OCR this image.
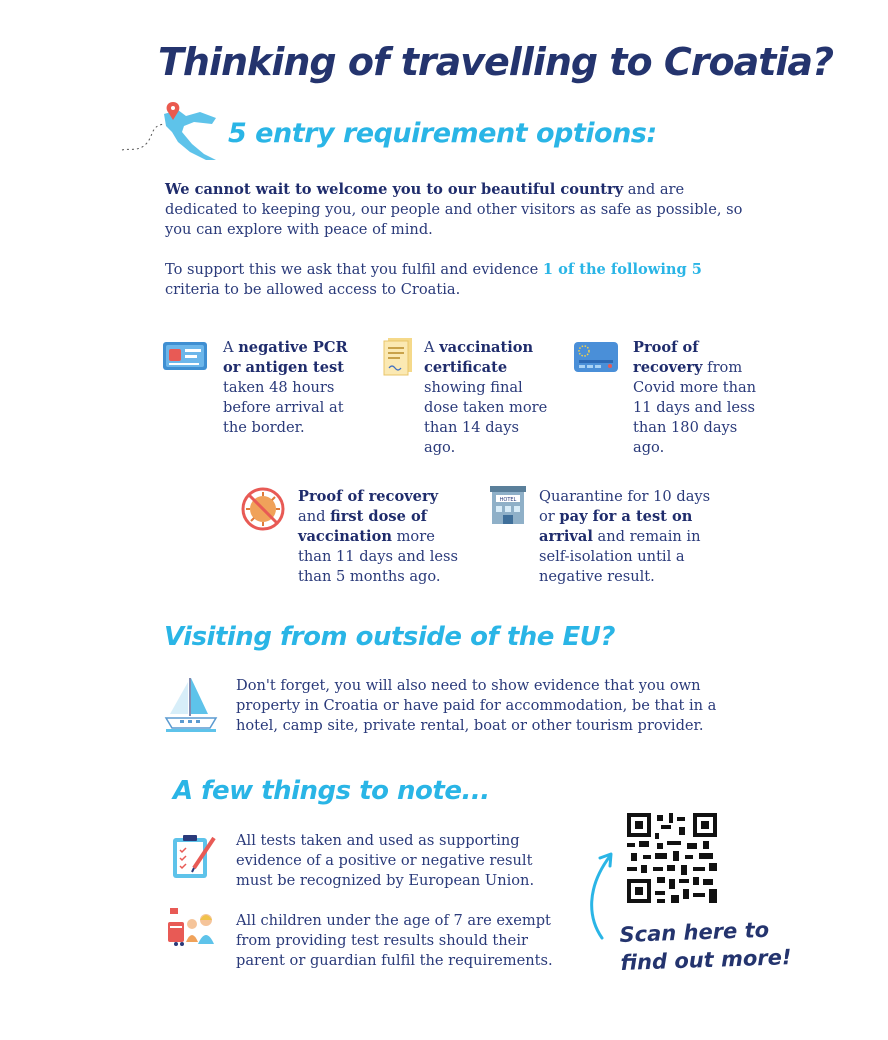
Thinking of travelling to Croatia?
5 entry requirement options:
We cannot wait to welcome you to our beautiful country and are dedicated to keeping you, our people and other visitors as safe as possible, so you can explore with peace of mind.
To support this we ask that you fulfil and evidence 1 of the following 5 criteria to be allowed access to Croatia.
A negative PCR or antigen test taken 48 hours before arrival at the border.
A vaccination certificate showing final dose taken more than 14 days ago.
Proof of recovery from Covid more than 11 days and less than 180 days ago.
Proof of recovery and first dose of vaccination more than 11 days and less than 5 months ago.
HOTEL Quarantine for 10 days or pay for a test on arrival and remain in self-isolation until a negative result.
Visiting from outside of the EU?
Don't forget, you will also need to show evidence that you own property in Croatia or have paid for accommodation, be that in a hotel, camp site, private rental, boat or other tourism provider.
A few things to note...
All tests taken and used as supporting evidence of a positive or negative result must be recognized by European Union.
All children under the age of 7 are exempt from providing test results should their parent or guardian fulfil the requirements.
Scan here to
find out more!
